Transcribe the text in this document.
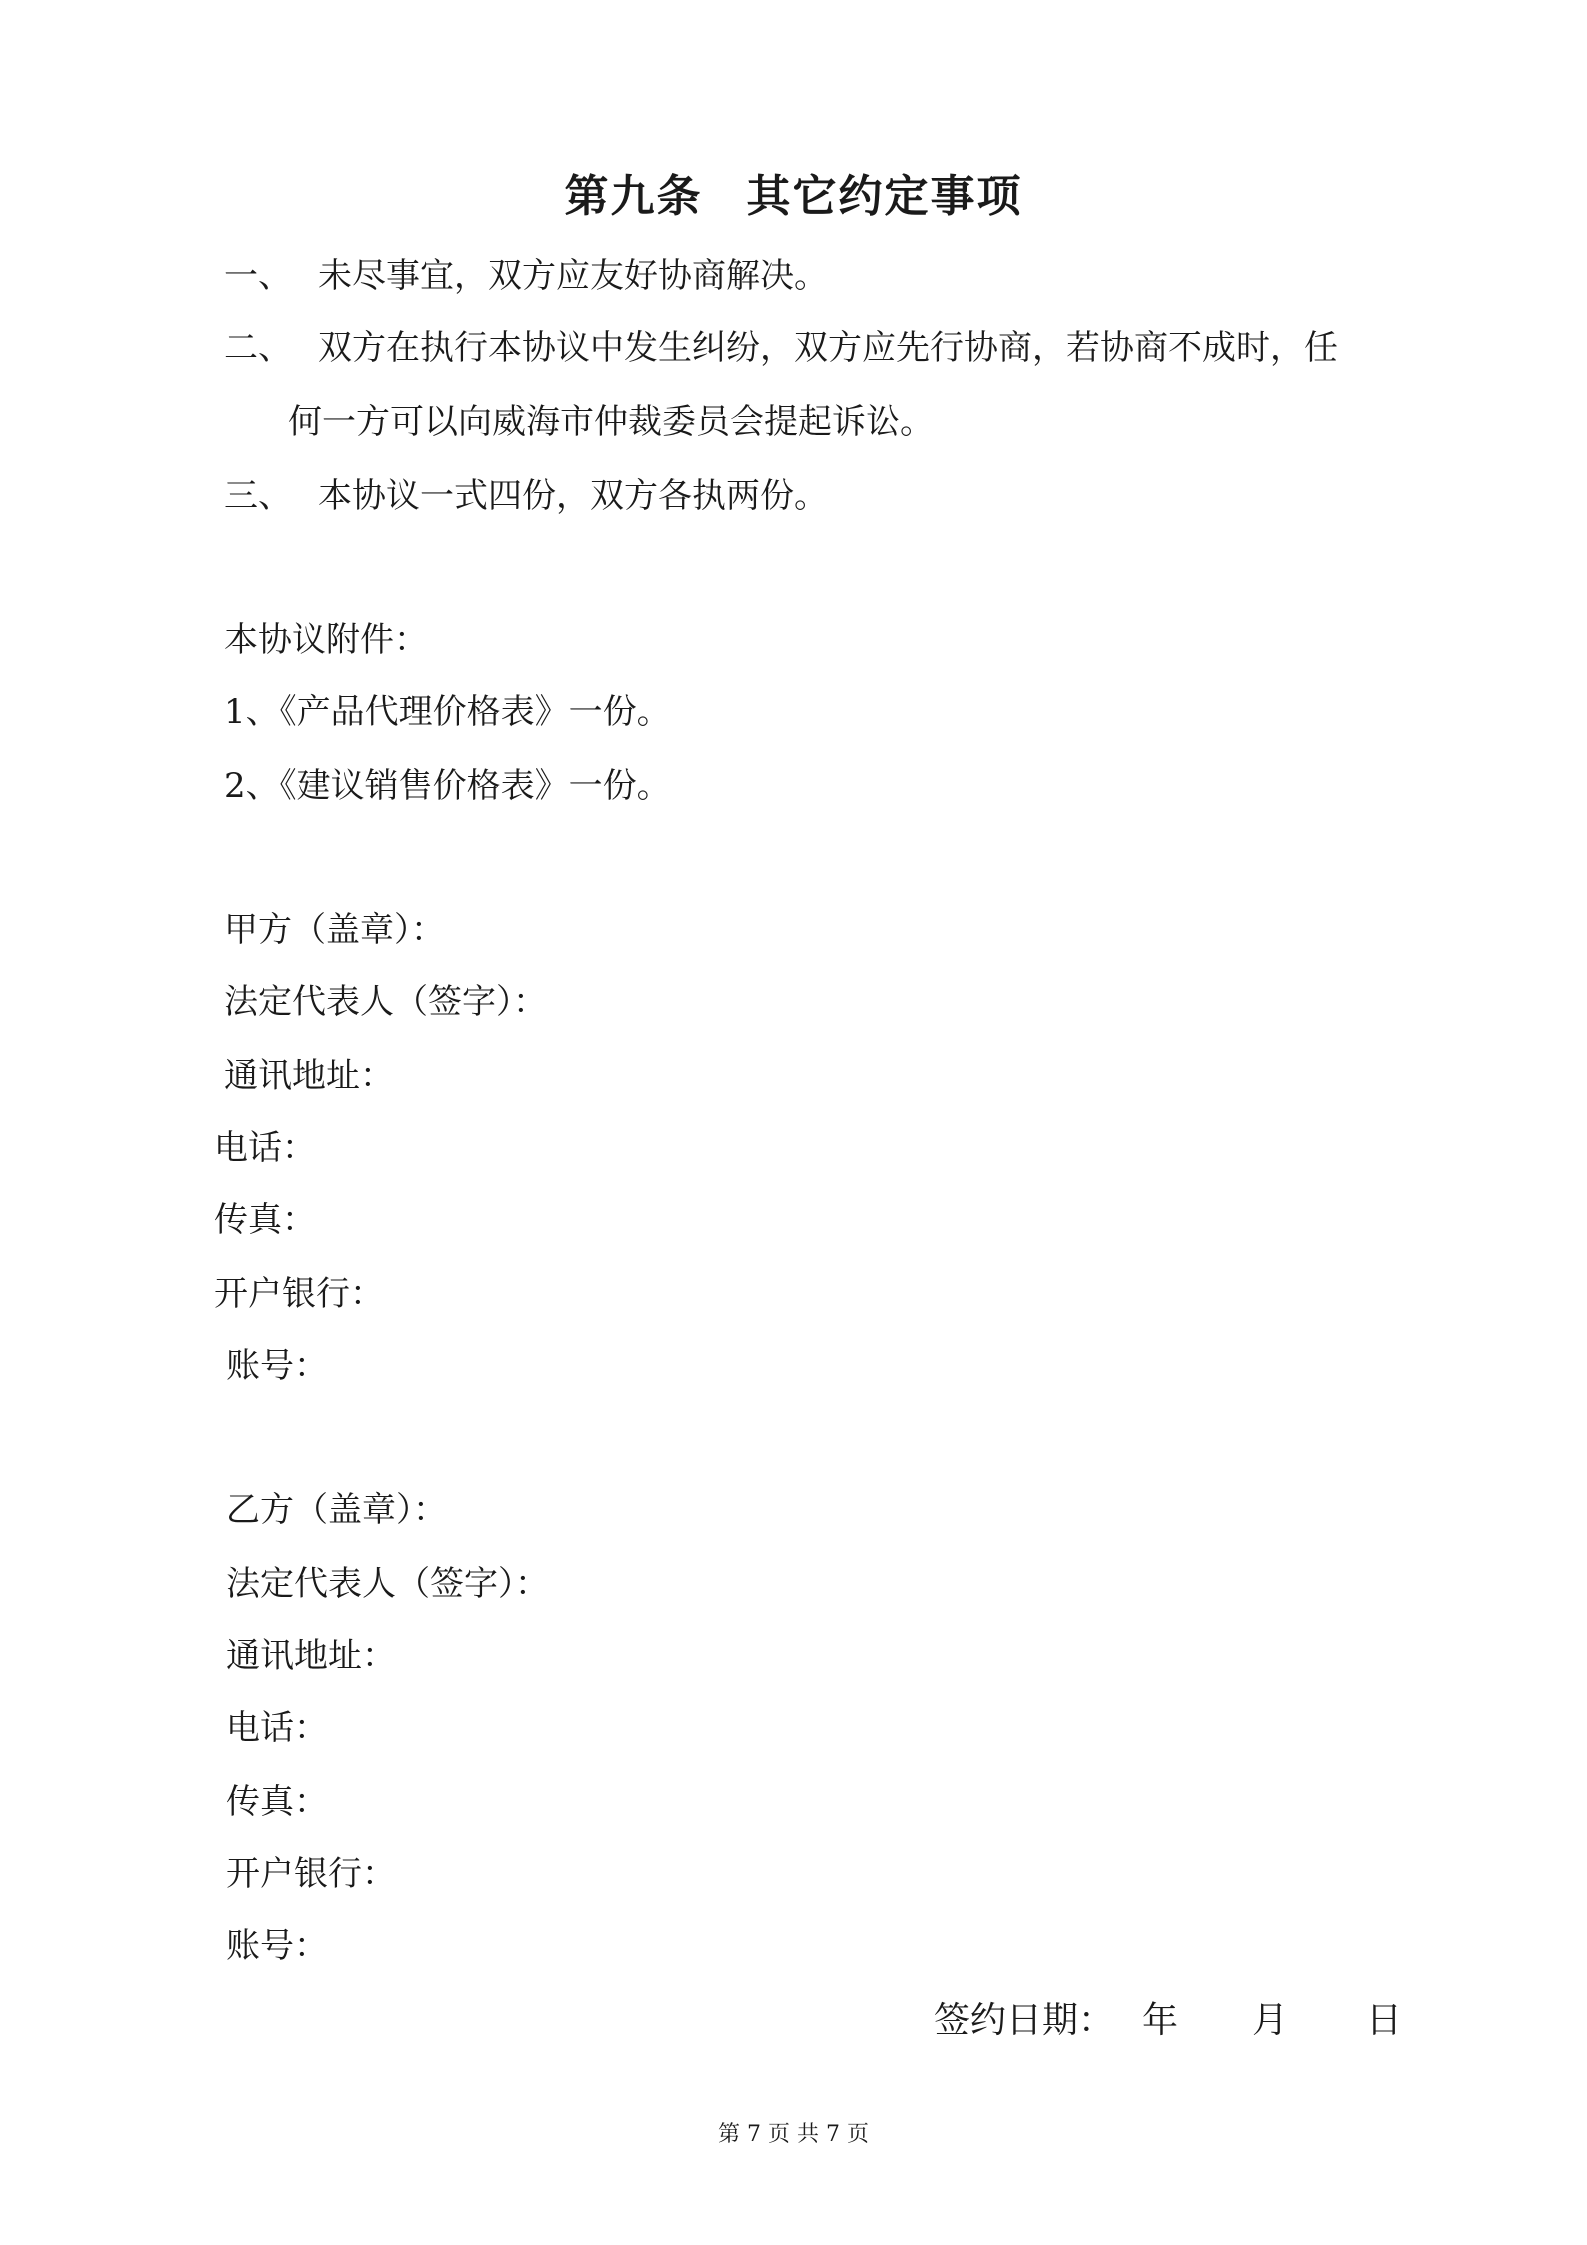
第九条 其它约定事项
一、 未尽事宜，双方应友好协商解决。
二、 双方在执行本协议中发生纠纷，双方应先行协商，若协商不成时，任
何一方可以向威海市仲裁委员会提起诉讼。
三、 本协议一式四份，双方各执两份。
本协议附件：
1、《产品代理价格表》一份。
2、《建议销售价格表》一份。
甲方（盖章）：
法定代表人（签字）：
通讯地址：
电话：
传真：
开户银行：
账号：
乙方（盖章）：
法定代表人（签字）：
通讯地址：
电话：
传真：
开户银行：
账号：
签约日期： 年 月 日
第 7 页 共 7 页
